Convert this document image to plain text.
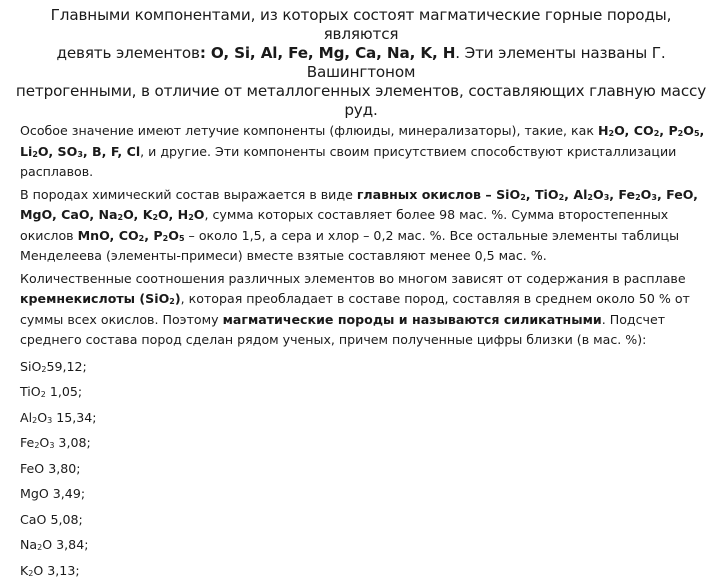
Главными компонентами, из которых состоят магматические горные породы, являются
девять элементов: O, Si, Al, Fe, Mg, Ca, Na, K, H. Эти элементы названы Г. Вашингтоном
петрогенными, в отличие от металлогенных элементов, составляющих главную массу руд.
Особое значение имеют летучие компоненты (флюиды, минерализаторы), такие, как $H_2O$, $CO_2$, $P_2O_5$, $Li_2O$, $SO_3$, B, F, Cl, и другие. Эти компоненты своим присутствием способствуют кристаллизации расплавов.
В породах химический состав выражается в виде главных окислов – SiO$_2$, TiO$_2$, $Al_2O_3$, $Fe_2O_3$, FeO, MgO, CaO, $Na_2O$, $K_2O$, $H_2O$, сумма которых составляет более 98 мас. %. Сумма второстепенных окислов MnO, $CO_2$, $P_2O_5$ – около 1,5, а сера и хлор – 0,2 мас. %. Все остальные элементы таблицы Менделеева (элементы-примеси) вместе взятые составляют менее 0,5 мас. %.
Количественные соотношения различных элементов во многом зависят от содержания в расплаве кремнекислоты (SiO$_2$), которая преобладает в составе пород, составляя в среднем около 50 % от суммы всех окислов. Поэтому магматические породы и называются силикатными. Подсчет среднего состава пород сделан рядом ученых, причем полученные цифры близки (в мас. %):
SiO$_2$59,12;
TiO$_2$ 1,05;
$Al_2O_3$ 15,34;
$Fe_2O_3$ 3,08;
FeO 3,80;
MgO 3,49;
CaO 5,08;
$Na_2O$ 3,84;
$K_2O$ 3,13;
